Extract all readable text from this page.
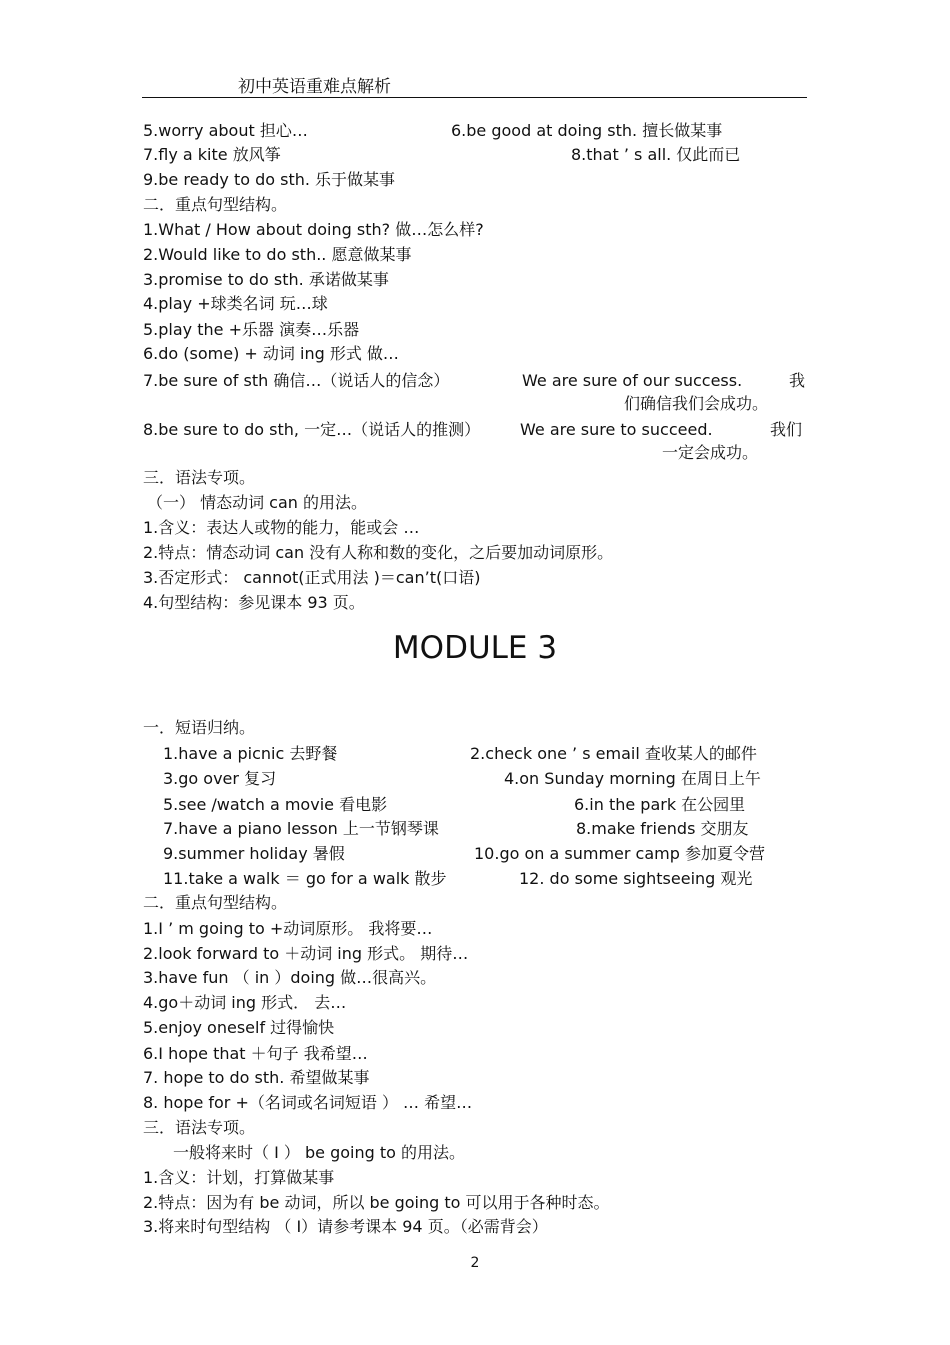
初中英语重难点解析
5.worry about 担心…	6.be good at doing sth. 擅长做某事
7.fly a kite 放风筝	8.that ’ s all. 仅此而已
9.be ready to do sth. 乐于做某事
二．重点句型结构。
1.What / How about doing sth? 做…怎么样?
2.Would like to do sth.. 愿意做某事
3.promise to do sth. 承诺做某事
4.play +球类名词 玩…球
5.play the +乐器 演奏…乐器
6.do (some) + 动词 ing 形式 做…
7.be sure of sth 确信…（说话人的信念）	We are sure of our success.	我
们确信我们会成功。
8.be sure to do sth, 一定…（说话人的推测） We are sure to succeed.	我们
一定会成功。
三．语法专项。
（一） 情态动词 can 的用法。
1.含义：表达人或物的能力，能或会 …
2.特点：情态动词 can 没有人称和数的变化，之后要加动词原形。
3.否定形式： cannot(正式用法 )＝can’t(口语)
4.句型结构：参见课本 93 页。
MODULE 3
一．短语归纳。
1.have a picnic 去野餐	2.check one ’ s email 查收某人的邮件
3.go over 复习	4.on Sunday morning 在周日上午
5.see /watch a movie 看电影	6.in the park 在公园里
7.have a piano lesson 上一节钢琴课	8.make friends 交朋友
9.summer holiday 暑假	10.go on a summer camp 参加夏令营
11.take a walk ＝ go for a walk 散步	12. do some sightseeing 观光
二．重点句型结构。
1.I ’ m going to +动词原形。 我将要…
2.look forward to ＋动词 ing 形式。 期待…
3.have fun （ in ）doing 做…很高兴。
4.go＋动词 ing 形式． 去…
5.enjoy oneself 过得愉快
6.I hope that ＋句子 我希望…
7. hope to do sth. 希望做某事
8. hope for +（名词或名词短语 ） … 希望…
三．语法专项。
一般将来时（ Ⅰ ） be going to 的用法。
1.含义：计划，打算做某事
2.特点：因为有 be 动词，所以 be going to 可以用于各种时态。
3.将来时句型结构 （ Ⅰ）请参考课本 94 页。（必需背会）
2
